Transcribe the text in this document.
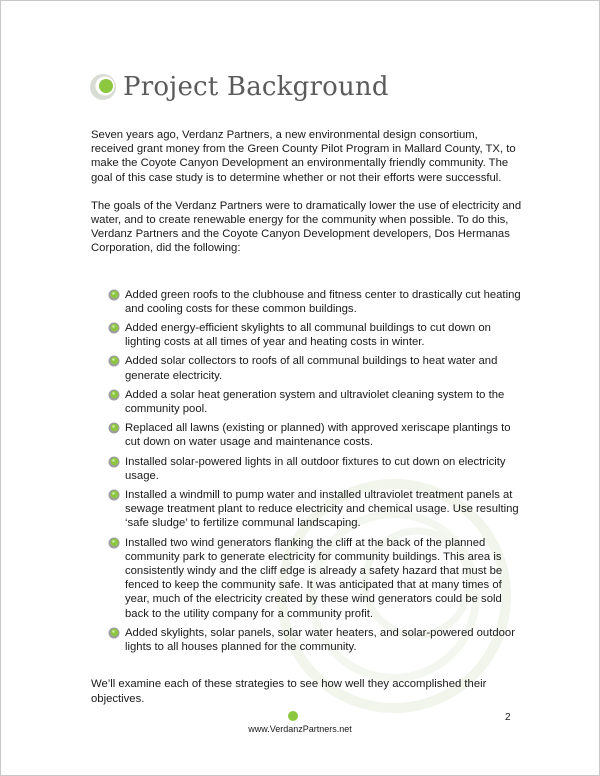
Project Background

Seven years ago, Verdanz Partners, a new environmental design consortium, received grant money from the Green County Pilot Program in Mallard County, TX, to make the Coyote Canyon Development an environmentally friendly community. The goal of this case study is to determine whether or not their efforts were successful.

The goals of the Verdanz Partners were to dramatically lower the use of electricity and water, and to create renewable energy for the community when possible. To do this, Verdanz Partners and the Coyote Canyon Development developers, Dos Hermanas Corporation, did the following:

Added green roofs to the clubhouse and fitness center to drastically cut heating and cooling costs for these common buildings.
Added energy-efficient skylights to all communal buildings to cut down on lighting costs at all times of year and heating costs in winter.
Added solar collectors to roofs of all communal buildings to heat water and generate electricity.
Added a solar heat generation system and ultraviolet cleaning system to the community pool.
Replaced all lawns (existing or planned) with approved xeriscape plantings to cut down on water usage and maintenance costs.
Installed solar-powered lights in all outdoor fixtures to cut down on electricity usage.
Installed a windmill to pump water and installed ultraviolet treatment panels at sewage treatment plant to reduce electricity and chemical usage. Use resulting ‘safe sludge’ to fertilize communal landscaping.
Installed two wind generators flanking the cliff at the back of the planned community park to generate electricity for community buildings. This area is consistently windy and the cliff edge is already a safety hazard that must be fenced to keep the community safe. It was anticipated that at many times of year, much of the electricity created by these wind generators could be sold back to the utility company for a community profit.
Added skylights, solar panels, solar water heaters, and solar-powered outdoor lights to all houses planned for the community.

We’ll examine each of these strategies to see how well they accomplished their objectives.

www.VerdanzPartners.net
2
